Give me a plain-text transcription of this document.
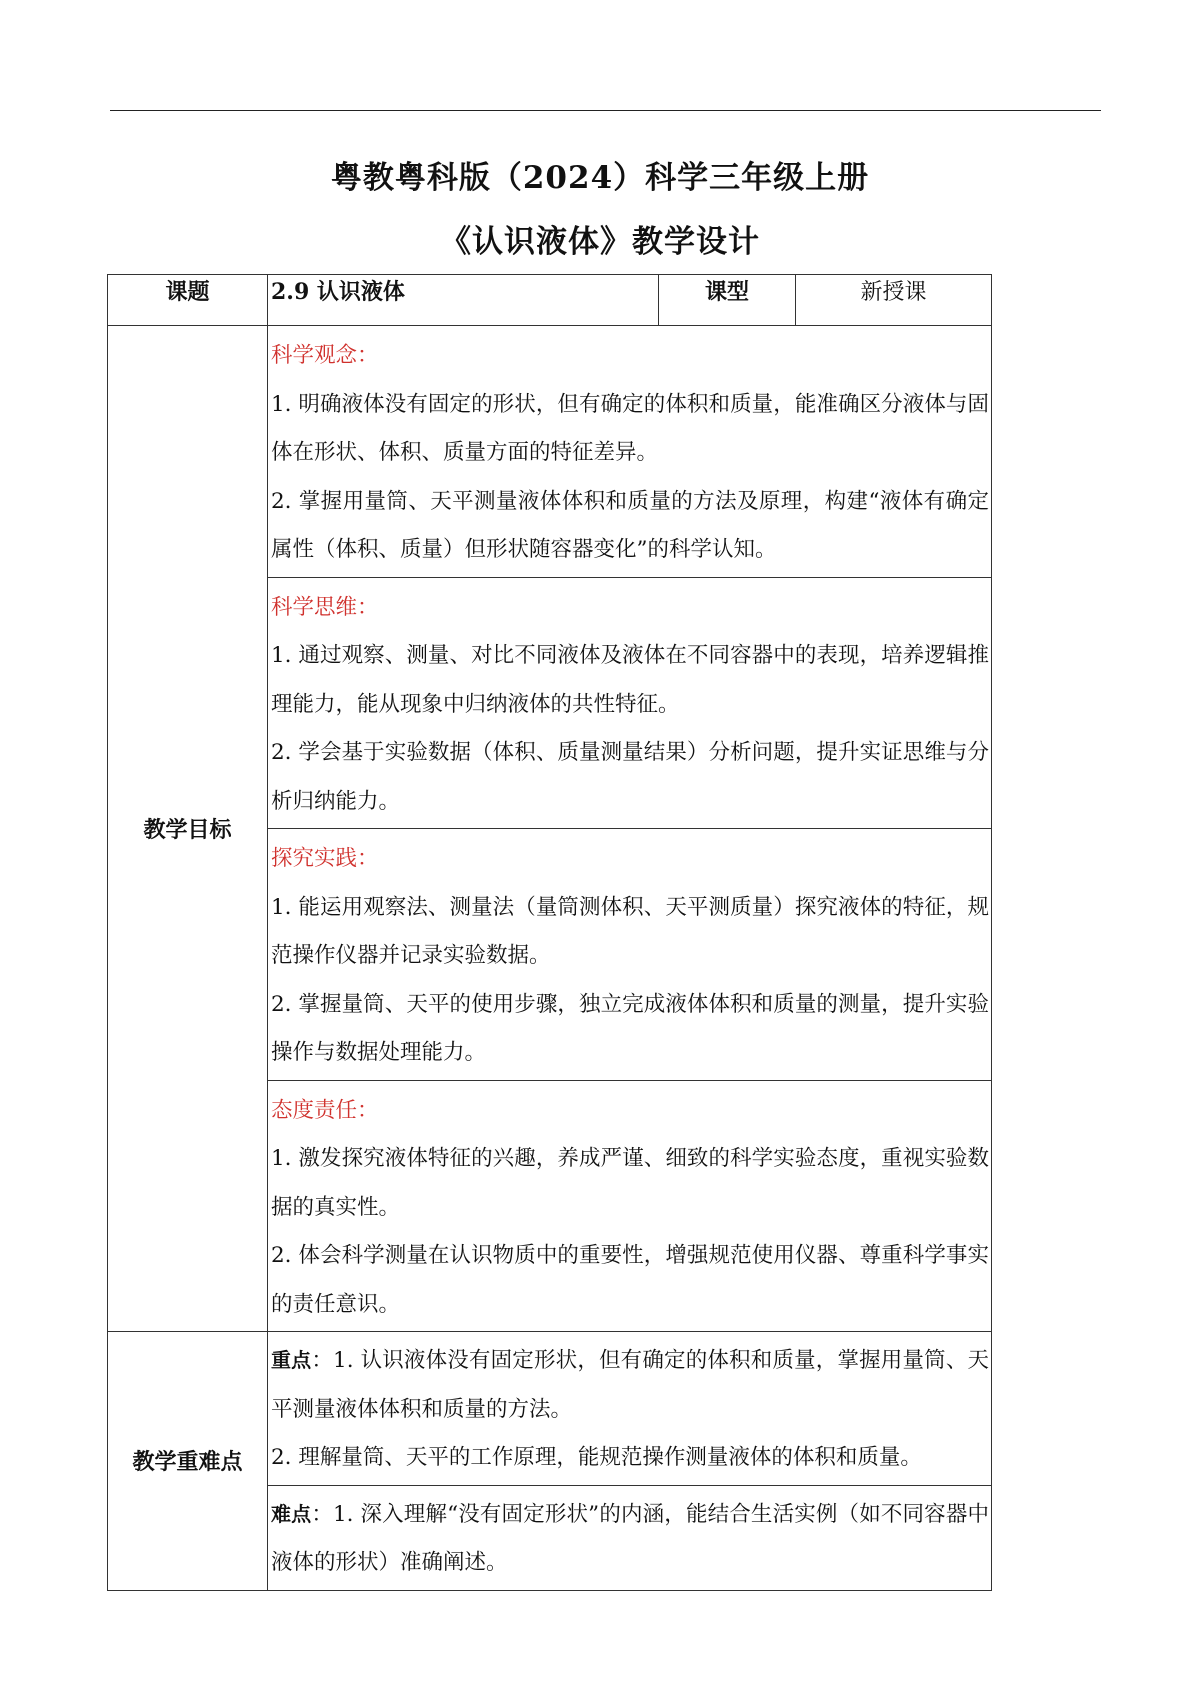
粤教粤科版（2024）科学三年级上册
《认识液体》教学设计
课题	2.9 认识液体	课型	新授课
教学目标	科学观念：

1. 明确液体没有固定的形状，但有确定的体积和质量，能准确区分液体与固体在形状、体积、质量方面的特征差异。

2. 掌握用量筒、天平测量液体体积和质量的方法及原理，构建“液体有确定属性（体积、质量）但形状随容器变化”的科学认知。		

	科学思维：

1. 通过观察、测量、对比不同液体及液体在不同容器中的表现，培养逻辑推理能力，能从现象中归纳液体的共性特征。

2. 学会基于实验数据（体积、质量测量结果）分析问题，提升实证思维与分析归纳能力。		

	探究实践：

1. 能运用观察法、测量法（量筒测体积、天平测质量）探究液体的特征，规范操作仪器并记录实验数据。

2. 掌握量筒、天平的使用步骤，独立完成液体体积和质量的测量，提升实验操作与数据处理能力。		

	态度责任：

1. 激发探究液体特征的兴趣，养成严谨、细致的科学实验态度，重视实验数据的真实性。

2. 体会科学测量在认识物质中的重要性，增强规范使用仪器、尊重科学事实的责任意识。		

教学重难点	重点：1. 认识液体没有固定形状，但有确定的体积和质量，掌握用量筒、天平测量液体体积和质量的方法。

2. 理解量筒、天平的工作原理，能规范操作测量液体的体积和质量。		

	难点：1. 深入理解“没有固定形状”的内涵，能结合生活实例（如不同容器中液体的形状）准确阐述。		
